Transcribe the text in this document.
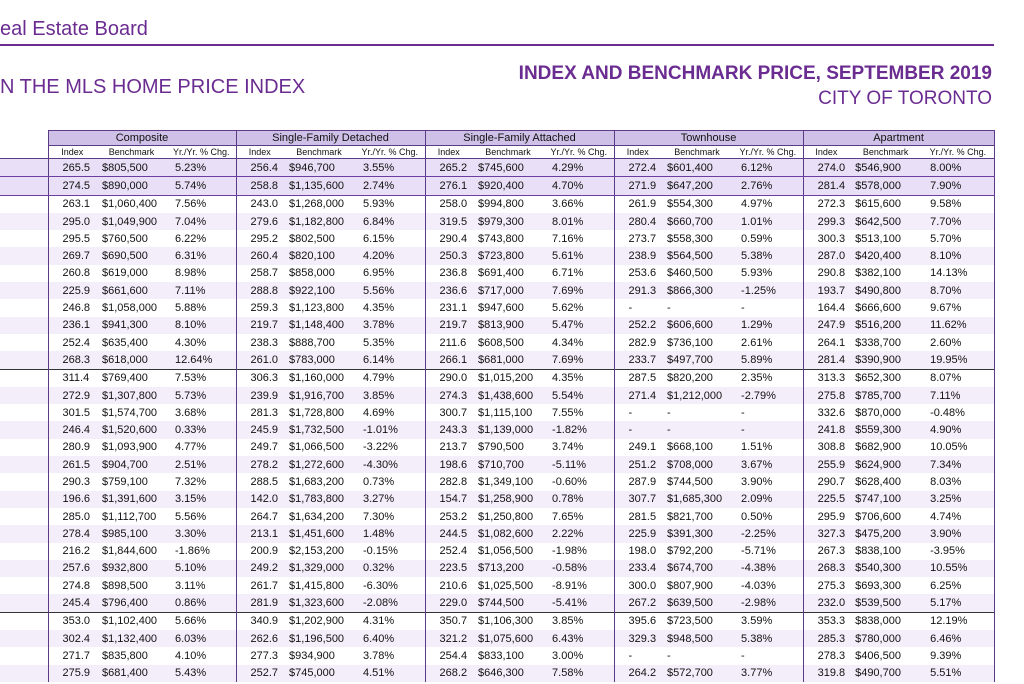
eal Estate Board
N THE MLS HOME PRICE INDEX
INDEX AND BENCHMARK PRICE, SEPTEMBER 2019
CITY OF TORONTO
	Composite			Single-Family Detached			Single-Family Attached			Townhouse			Apartment		
	Index	Benchmark	Yr./Yr. % Chg.	Index	Benchmark	Yr./Yr. % Chg.	Index	Benchmark	Yr./Yr. % Chg.	Index	Benchmark	Yr./Yr. % Chg.	Index	Benchmark	Yr./Yr. % Chg.
	265.5	$805,500	5.23%	256.4	$946,700	3.55%	265.2	$745,600	4.29%	272.4	$601,400	6.12%	274.0	$546,900	8.00%
	274.5	$890,000	5.74%	258.8	$1,135,600	2.74%	276.1	$920,400	4.70%	271.9	$647,200	2.76%	281.4	$578,000	7.90%
	263.1	$1,060,400	7.56%	243.0	$1,268,000	5.93%	258.0	$994,800	3.66%	261.9	$554,300	4.97%	272.3	$615,600	9.58%
	295.0	$1,049,900	7.04%	279.6	$1,182,800	6.84%	319.5	$979,300	8.01%	280.4	$660,700	1.01%	299.3	$642,500	7.70%
	295.5	$760,500	6.22%	295.2	$802,500	6.15%	290.4	$743,800	7.16%	273.7	$558,300	0.59%	300.3	$513,100	5.70%
	269.7	$690,500	6.31%	260.4	$820,100	4.20%	250.3	$723,800	5.61%	238.9	$564,500	5.38%	287.0	$420,400	8.10%
	260.8	$619,000	8.98%	258.7	$858,000	6.95%	236.8	$691,400	6.71%	253.6	$460,500	5.93%	290.8	$382,100	14.13%
	225.9	$661,600	7.11%	288.8	$922,100	5.56%	236.6	$717,000	7.69%	291.3	$866,300	-1.25%	193.7	$490,800	8.70%
	246.8	$1,058,000	5.88%	259.3	$1,123,800	4.35%	231.1	$947,600	5.62%	-	-	-	164.4	$666,600	9.67%
	236.1	$941,300	8.10%	219.7	$1,148,400	3.78%	219.7	$813,900	5.47%	252.2	$606,600	1.29%	247.9	$516,200	11.62%
	252.4	$635,400	4.30%	238.3	$888,700	5.35%	211.6	$608,500	4.34%	282.9	$736,100	2.61%	264.1	$338,700	2.60%
	268.3	$618,000	12.64%	261.0	$783,000	6.14%	266.1	$681,000	7.69%	233.7	$497,700	5.89%	281.4	$390,900	19.95%
	311.4	$769,400	7.53%	306.3	$1,160,000	4.79%	290.0	$1,015,200	4.35%	287.5	$820,200	2.35%	313.3	$652,300	8.07%
	272.9	$1,307,800	5.73%	239.9	$1,916,700	3.85%	274.3	$1,438,600	5.54%	271.4	$1,212,000	-2.79%	275.8	$785,700	7.11%
	301.5	$1,574,700	3.68%	281.3	$1,728,800	4.69%	300.7	$1,115,100	7.55%	-	-	-	332.6	$870,000	-0.48%
	246.4	$1,520,600	0.33%	245.9	$1,732,500	-1.01%	243.3	$1,139,000	-1.82%	-	-	-	241.8	$559,300	4.90%
	280.9	$1,093,900	4.77%	249.7	$1,066,500	-3.22%	213.7	$790,500	3.74%	249.1	$668,100	1.51%	308.8	$682,900	10.05%
	261.5	$904,700	2.51%	278.2	$1,272,600	-4.30%	198.6	$710,700	-5.11%	251.2	$708,000	3.67%	255.9	$624,900	7.34%
	290.3	$759,100	7.32%	288.5	$1,683,200	0.73%	282.8	$1,349,100	-0.60%	287.9	$744,500	3.90%	290.7	$628,400	8.03%
	196.6	$1,391,600	3.15%	142.0	$1,783,800	3.27%	154.7	$1,258,900	0.78%	307.7	$1,685,300	2.09%	225.5	$747,100	3.25%
	285.0	$1,112,700	5.56%	264.7	$1,634,200	7.30%	253.2	$1,250,800	7.65%	281.5	$821,700	0.50%	295.9	$706,600	4.74%
	278.4	$985,100	3.30%	213.1	$1,451,600	1.48%	244.5	$1,082,600	2.22%	225.9	$391,300	-2.25%	327.3	$475,200	3.90%
	216.2	$1,844,600	-1.86%	200.9	$2,153,200	-0.15%	252.4	$1,056,500	-1.98%	198.0	$792,200	-5.71%	267.3	$838,100	-3.95%
	257.6	$932,800	5.10%	249.2	$1,329,000	0.32%	223.5	$713,200	-0.58%	233.4	$674,700	-4.38%	268.3	$540,300	10.55%
	274.8	$898,500	3.11%	261.7	$1,415,800	-6.30%	210.6	$1,025,500	-8.91%	300.0	$807,900	-4.03%	275.3	$693,300	6.25%
	245.4	$796,400	0.86%	281.9	$1,323,600	-2.08%	229.0	$744,500	-5.41%	267.2	$639,500	-2.98%	232.0	$539,500	5.17%
	353.0	$1,102,400	5.66%	340.9	$1,202,900	4.31%	350.7	$1,106,300	3.85%	395.6	$723,500	3.59%	353.3	$838,000	12.19%
	302.4	$1,132,400	6.03%	262.6	$1,196,500	6.40%	321.2	$1,075,600	6.43%	329.3	$948,500	5.38%	285.3	$780,000	6.46%
	271.7	$835,800	4.10%	277.3	$934,900	3.78%	254.4	$833,100	3.00%	-	-	-	278.3	$406,500	9.39%
	275.9	$681,400	5.43%	252.7	$745,000	4.51%	268.2	$646,300	7.58%	264.2	$572,700	3.77%	319.8	$490,700	5.51%
